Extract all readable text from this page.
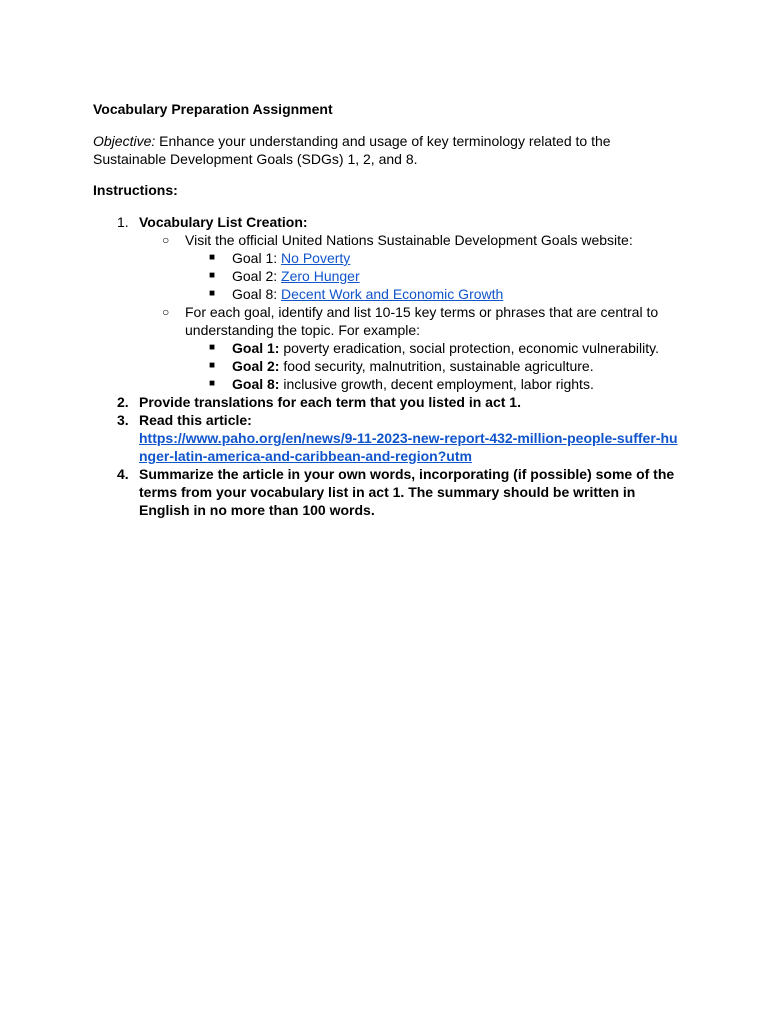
Vocabulary Preparation Assignment
Objective: Enhance your understanding and usage of key terminology related to the Sustainable Development Goals (SDGs) 1, 2, and 8.
Instructions:
1. Vocabulary List Creation:
○ Visit the official United Nations Sustainable Development Goals website:
■ Goal 1: No Poverty
■ Goal 2: Zero Hunger
■ Goal 8: Decent Work and Economic Growth
○ For each goal, identify and list 10-15 key terms or phrases that are central to understanding the topic. For example:
■ Goal 1: poverty eradication, social protection, economic vulnerability.
■ Goal 2: food security, malnutrition, sustainable agriculture.
■ Goal 8: inclusive growth, decent employment, labor rights.
2. Provide translations for each term that you listed in act 1.
3. Read this article:
https://www.paho.org/en/news/9-11-2023-new-report-432-million-people-suffer-hunger-latin-america-and-caribbean-and-region?utm
4. Summarize the article in your own words, incorporating (if possible) some of the terms from your vocabulary list in act 1. The summary should be written in English in no more than 100 words.
